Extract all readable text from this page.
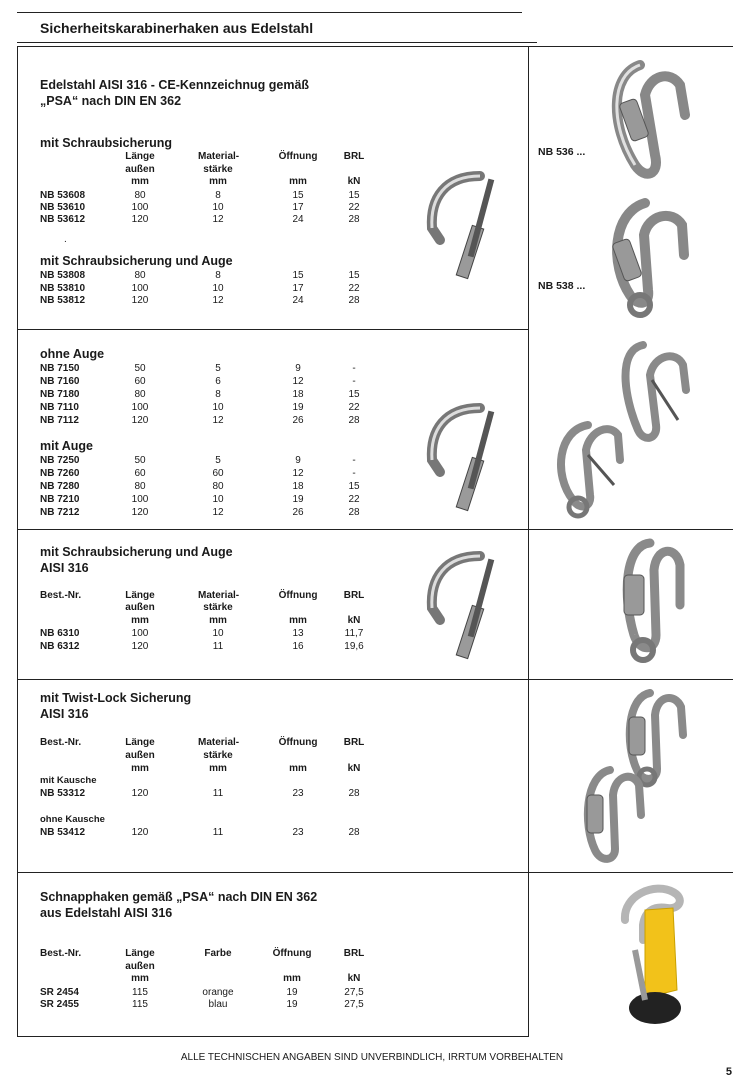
Sicherheitskarabinerhaken aus Edelstahl
Edelstahl AISI 316 - CE-Kennzeichnug gemäß
„PSA“ nach DIN EN 362
mit Schraubsicherung
Länge	Material-	Öffnung	BRL
außen	stärke
mm	mm	mm	kN
NB 53608	80	8	15	15
NB 53610	100	10	17	22
NB 53612	120	12	24	28
.
mit Schraubsicherung und Auge
NB 53808	80	8	15	15
NB 53810	100	10	17	22
NB 53812	120	12	24	28
NB 536 ...
NB 538 ...
ohne Auge
NB 7150	50	5	9	-
NB 7160	60	6	12	-
NB 7180	80	8	18	15
NB 7110	100	10	19	22
NB 7112	120	12	26	28
mit Auge
NB 7250	50	5	9	-
NB 7260	60	60	12	-
NB 7280	80	80	18	15
NB 7210	100	10	19	22
NB 7212	120	12	26	28
mit Schraubsicherung und Auge
AISI 316
Best.-Nr.	Länge	Material-	Öffnung	BRL
außen	stärke
mm	mm	mm	kN
NB 6310	100	10	13	11,7
NB 6312	120	11	16	19,6
mit Twist-Lock Sicherung
AISI 316
Best.-Nr.	Länge	Material-	Öffnung	BRL
außen	stärke
mm	mm	mm	kN
mit Kausche
NB 53312	120	11	23	28
ohne Kausche
NB 53412	120	11	23	28
Schnapphaken gemäß „PSA“ nach DIN EN 362
aus Edelstahl AISI 316
Best.-Nr.	Länge	Farbe	Öffnung	BRL
außen
mm	mm	kN
SR 2454	115	orange	19	27,5
SR 2455	115	blau	19	27,5
ALLE TECHNISCHEN ANGABEN SIND UNVERBINDLICH, IRRTUM VORBEHALTEN
5
